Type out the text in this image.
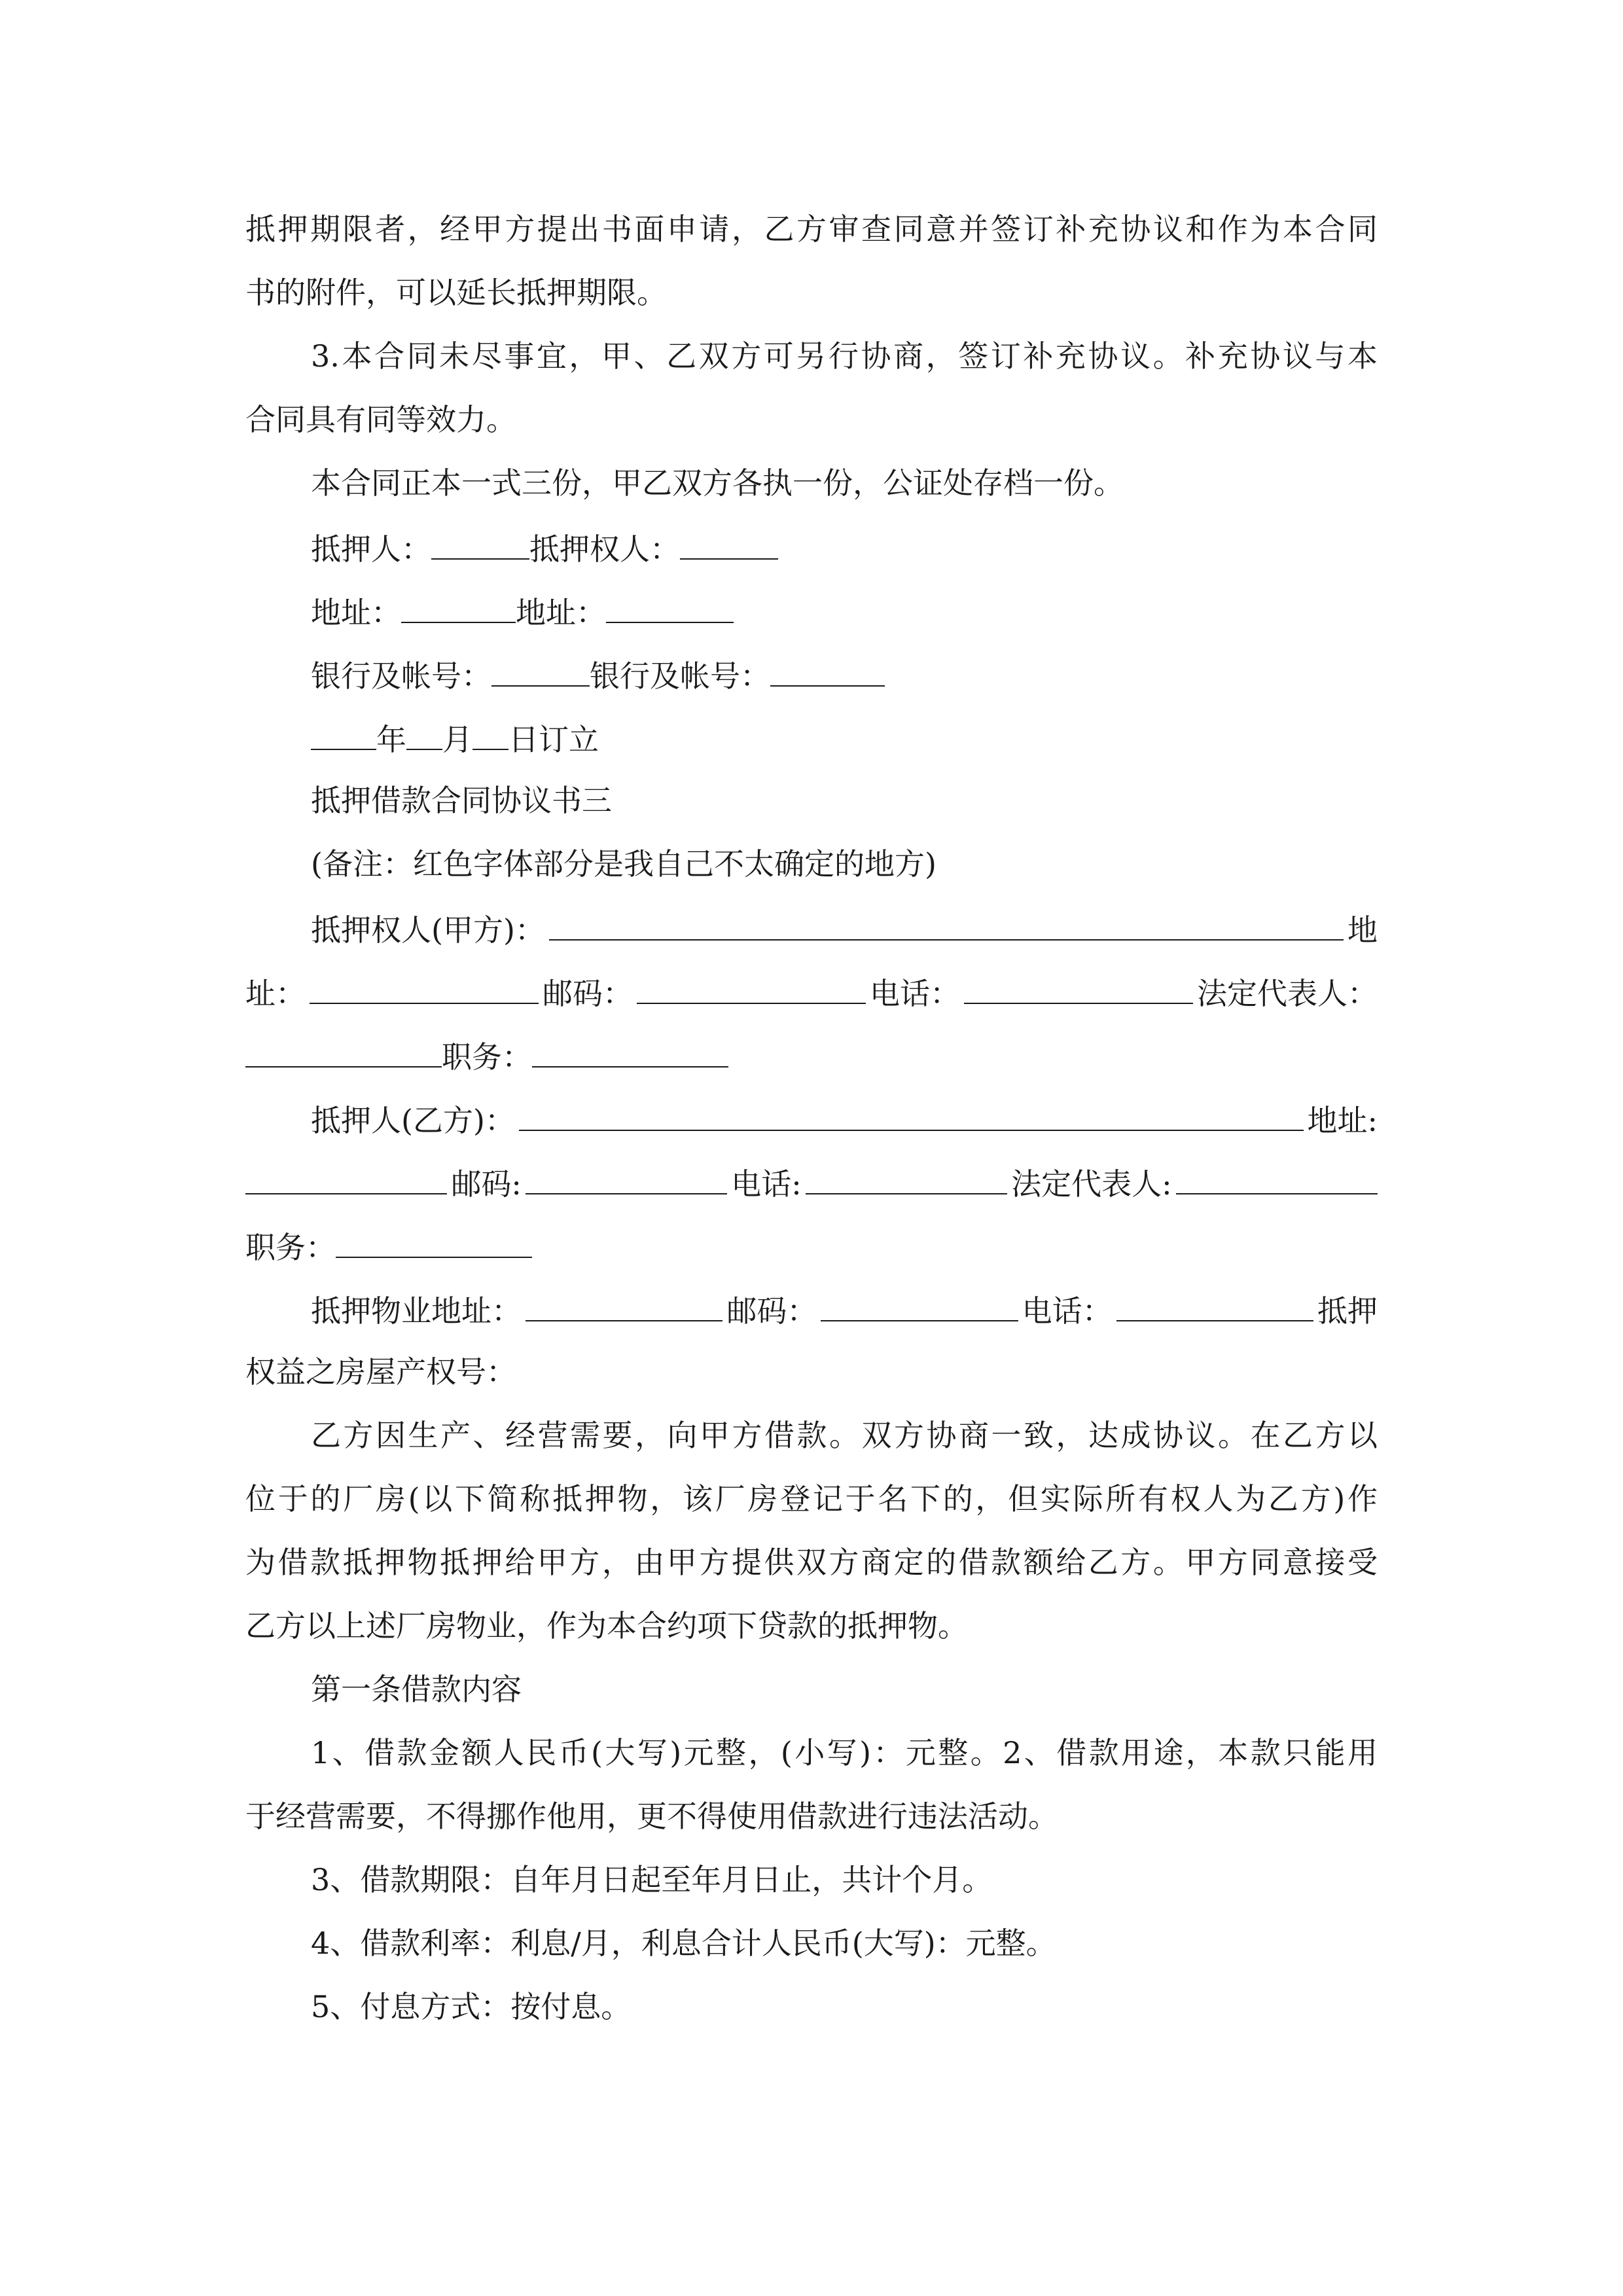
抵押期限者，经甲方提出书面申请，乙方审查同意并签订补充协议和作为本合同
书的附件，可以延长抵押期限。
3.本合同未尽事宜，甲、乙双方可另行协商，签订补充协议。补充协议与本
合同具有同等效力。
本合同正本一式三份，甲乙双方各执一份，公证处存档一份。
抵押人：	抵押权人：
地址：	地址：
银行及帐号：	银行及帐号：
年 月 日订立
抵押借款合同协议书三
(备注：红色字体部分是我自己不太确定的地方)
抵押权人(甲方)：	地
址：	邮码：	电话：	法定代表人：
职务：
抵押人(乙方)：	地址:
邮码:	电话:	法定代表人:
职务：
抵押物业地址：	邮码：	电话：	抵押
权益之房屋产权号：
乙方因生产、经营需要，向甲方借款。双方协商一致，达成协议。在乙方以
位于的厂房(以下简称抵押物，该厂房登记于名下的，但实际所有权人为乙方)作
为借款抵押物抵押给甲方，由甲方提供双方商定的借款额给乙方。甲方同意接受
乙方以上述厂房物业，作为本合约项下贷款的抵押物。
第一条借款内容
1、借款金额人民币(大写)元整，(小写)：元整。2、借款用途，本款只能用
于经营需要，不得挪作他用，更不得使用借款进行违法活动。
3、借款期限：自年月日起至年月日止，共计个月。
4、借款利率：利息/月，利息合计人民币(大写)：元整。
5、付息方式：按付息。
